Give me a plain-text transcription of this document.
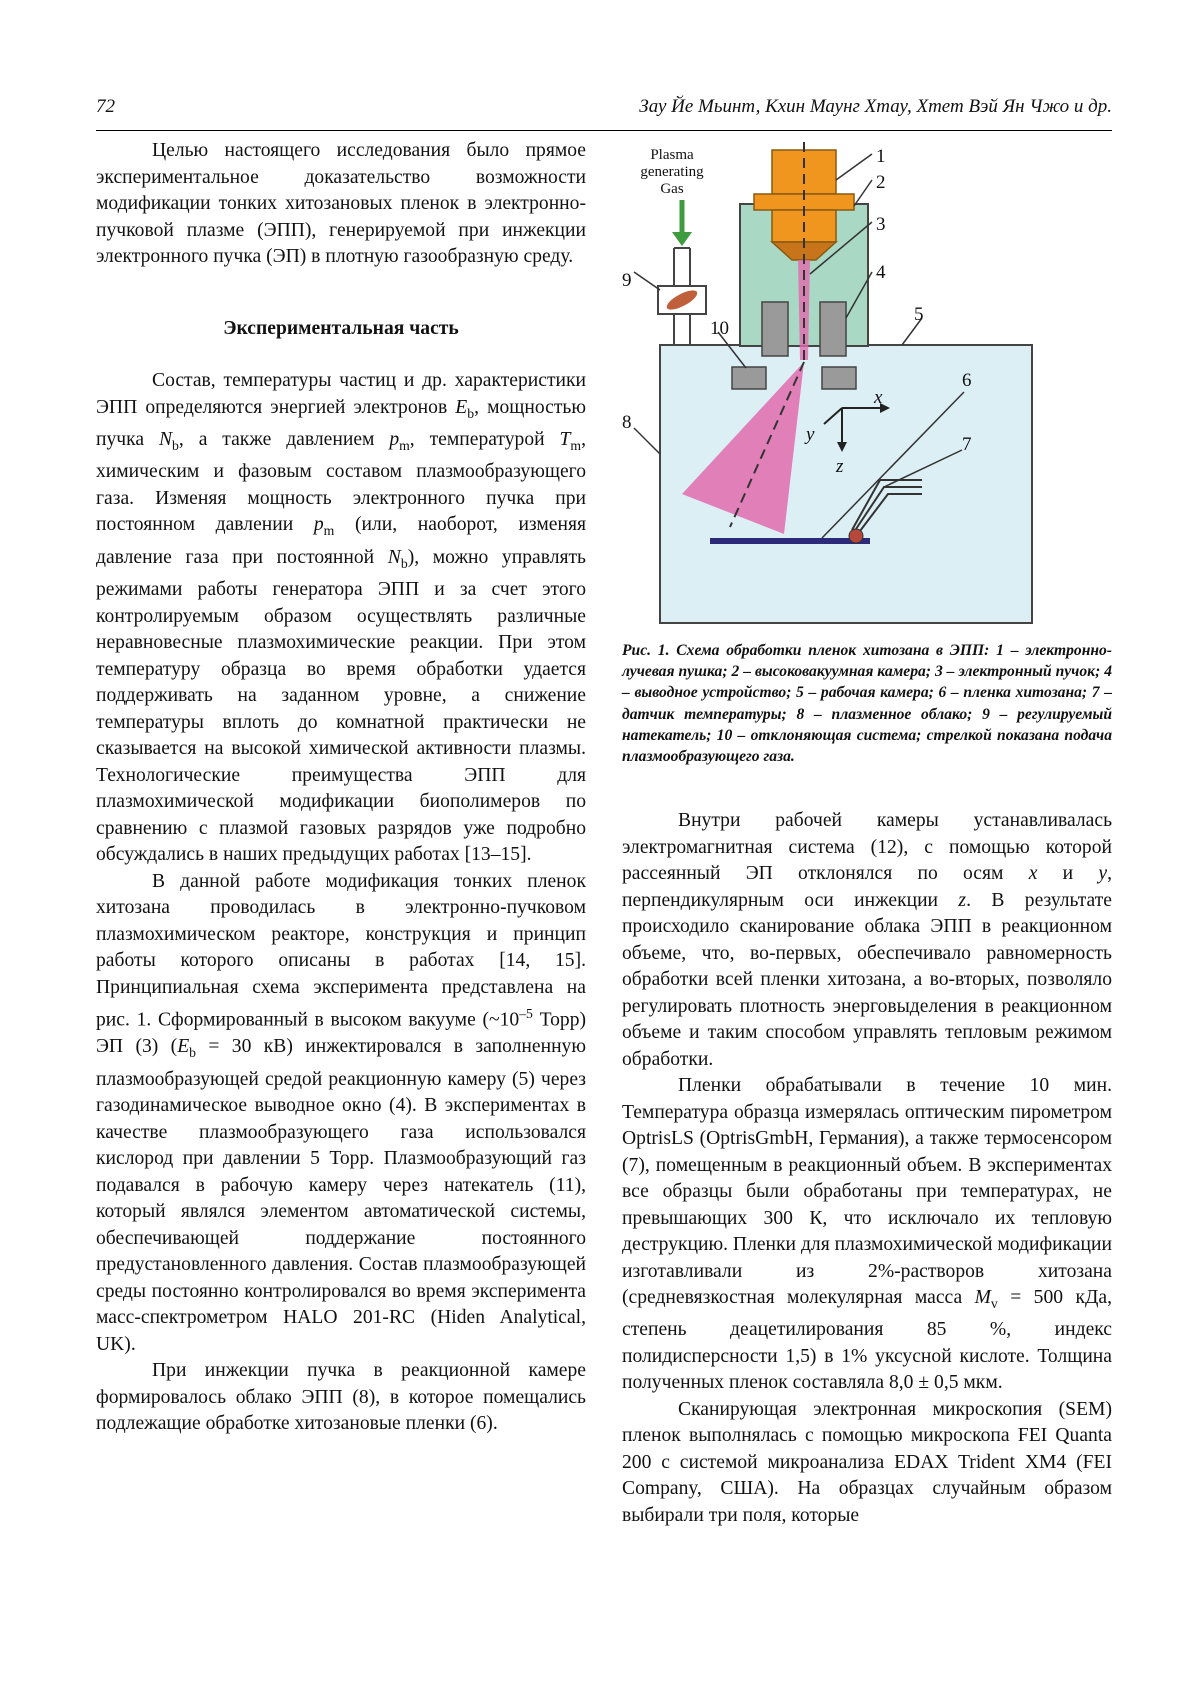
72	Зау Йе Мьинт, Кхин Маунг Хтау, Хтет Вэй Ян Чжо и др.

Целью настоящего исследования было прямое экспериментальное доказательство возможности модификации тонких хитозановых пленок в электронно-пучковой плазме (ЭПП), генерируемой при инжекции электронного пучка (ЭП) в плотную газообразную среду.

Экспериментальная часть

Состав, температуры частиц и др. характеристики ЭПП определяются энергией электронов $E_b$, мощностью пучка $N_b$, а также давлением $p_m$, температурой $T_m$, химическим и фазовым составом плазмообразующего газа. Изменяя мощность электронного пучка при постоянном давлении $p_m$ (или, наоборот, изменяя давление газа при постоянной $N_b$), можно управлять режимами работы генератора ЭПП и за счет этого контролируемым образом осуществлять различные неравновесные плазмохимические реакции. При этом температуру образца во время обработки удается поддерживать на заданном уровне, а снижение температуры вплоть до комнатной практически не сказывается на высокой химической активности плазмы. Технологические преимущества ЭПП для плазмохимической модификации биополимеров по сравнению с плазмой газовых разрядов уже подробно обсуждались в наших предыдущих работах [13–15].

В данной работе модификация тонких пленок хитозана проводилась в электронно-пучковом плазмохимическом реакторе, конструкция и принцип работы которого описаны в работах [14, 15]. Принципиальная схема эксперимента представлена на рис. 1. Сформированный в высоком вакууме ($\sim 10^{-5}$ Торр) ЭП (3) ($E_b = 30$ кВ) инжектировался в заполненную плазмообразующей средой реакционную камеру (5) через газодинамическое выводное окно (4). В экспериментах в качестве плазмообразующего газа использовался кислород при давлении 5 Торр. Плазмообразующий газ подавался в рабочую камеру через натекатель (11), который являлся элементом автоматической системы, обеспечивающей поддержание постоянного предустановленного давления. Состав плазмообразующей среды постоянно контролировался во время эксперимента масс-спектрометром HALO 201-RC (Hiden Analytical, UK).

При инжекции пучка в реакционной камере формировалось облако ЭПП (8), в которое помещались подлежащие обработке хитозановые пленки (6).

x
y
z
Plasma
generating
Gas
1
2
3
4
5
6
7
8
9
10
Рис. 1. Схема обработки пленок хитозана в ЭПП: 1 – электронно-лучевая пушка; 2 – высоковакуумная камера; 3 – электронный пучок; 4 – выводное устройство; 5 – рабочая камера; 6 – пленка хитозана; 7 – датчик температуры; 8 – плазменное облако; 9 – регулируемый натекатель; 10 – отклоняющая система; стрелкой показана подача плазмообразующего газа.

Внутри рабочей камеры устанавливалась электромагнитная система (12), с помощью которой рассеянный ЭП отклонялся по осям x и y, перпендикулярным оси инжекции z. В результате происходило сканирование облака ЭПП в реакционном объеме, что, во-первых, обеспечивало равномерность обработки всей пленки хитозана, а во-вторых, позволяло регулировать плотность энерговыделения в реакционном объеме и таким способом управлять тепловым режимом обработки.

Пленки обрабатывали в течение 10 мин. Температура образца измерялась оптическим пирометром OptrisLS (OptrisGmbH, Германия), а также термосенсором (7), помещенным в реакционный объем. В экспериментах все образцы были обработаны при температурах, не превышающих 300 К, что исключало их тепловую деструкцию. Пленки для плазмохимической модификации изготавливали из 2%-растворов хитозана (средневязкостная молекулярная масса $M_v = 500$ кДа, степень деацетилирования 85 %, индекс полидисперсности 1,5) в 1% уксусной кислоте. Толщина полученных пленок составляла 8,0 ± 0,5 мкм.

Сканирующая электронная микроскопия (SEM) пленок выполнялась с помощью микроскопа FEI Quanta 200 с системой микроанализа EDAX Trident XM4 (FEI Company, США). На образцах случайным образом выбирали три поля, которые
